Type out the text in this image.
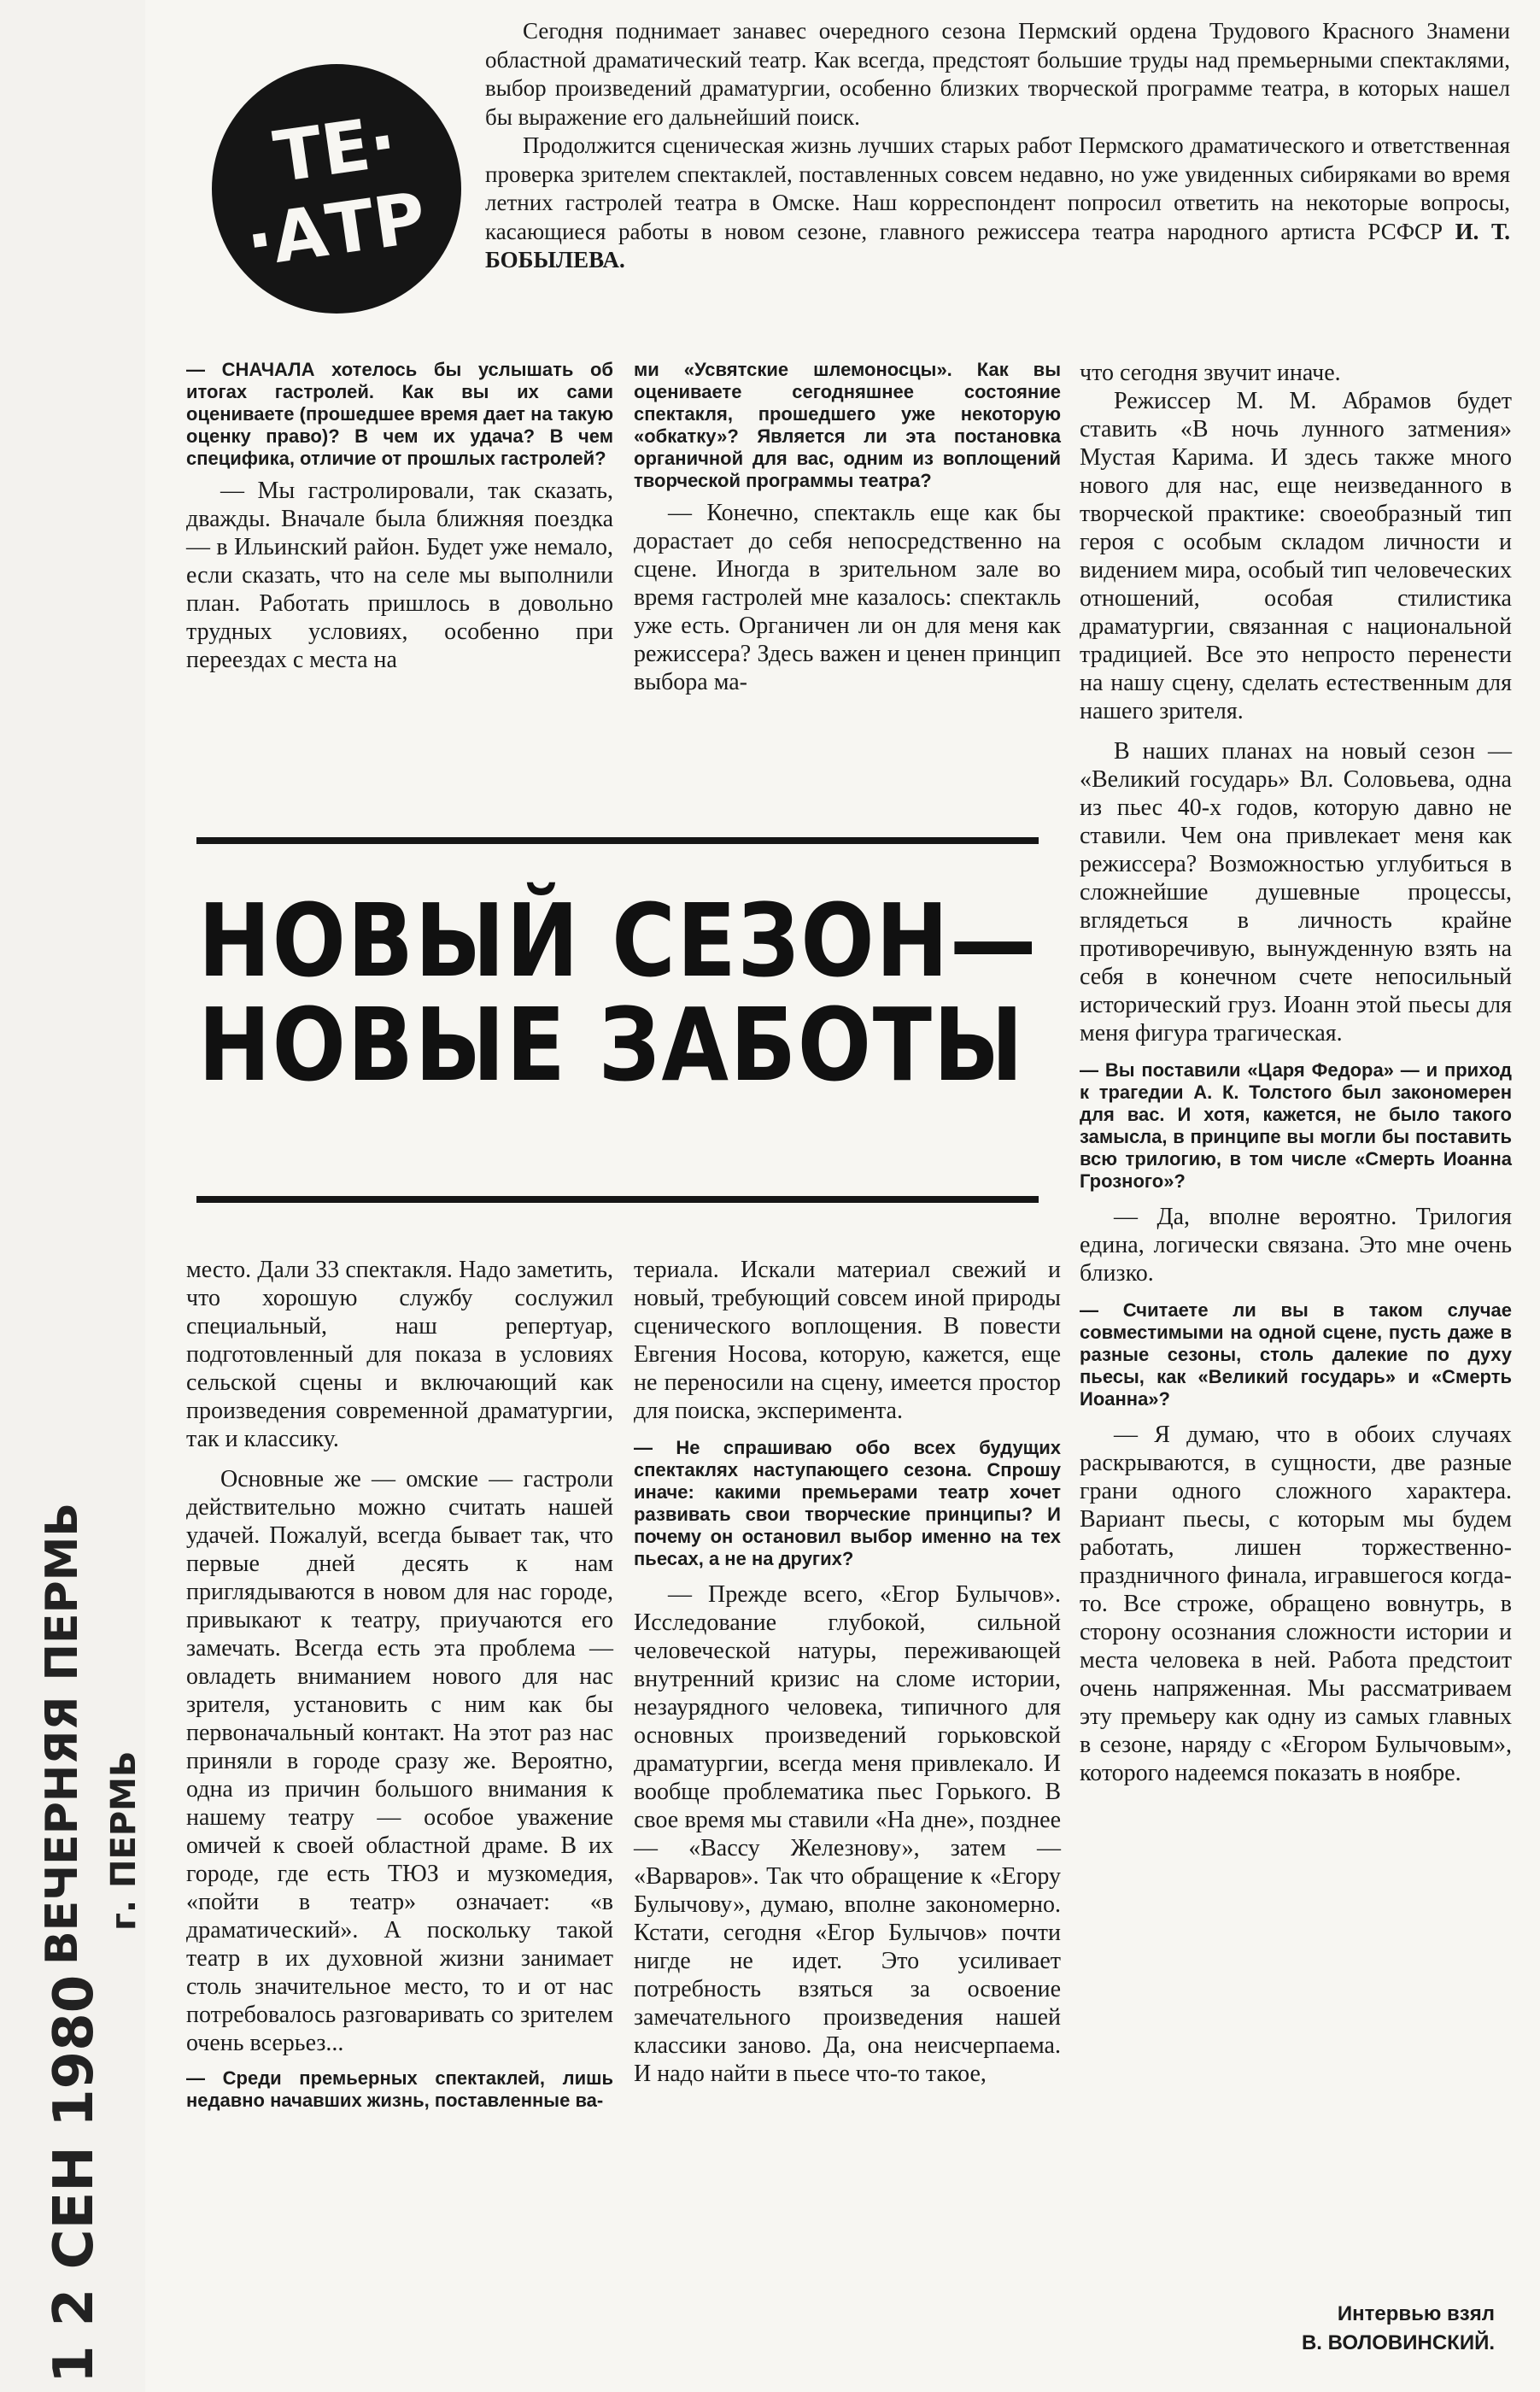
ТЕ·
·АТР

Сегодня поднимает занавес очередного сезона Пермский ордена Трудового Красного Знамени областной драматический театр. Как всегда, предстоят большие труды над премьерными спектаклями, выбор произведений драматургии, особенно близких творческой программе театра, в которых нашел бы выражение его дальнейший поиск.

Продолжится сценическая жизнь лучших старых работ Пермского драматического и ответственная проверка зрителем спектаклей, поставленных совсем недавно, но уже увиденных сибиряками во время летних гастролей театра в Омске. Наш корреспондент попросил ответить на некоторые вопросы, касающиеся работы в новом сезоне, главного режиссера театра народного артиста РСФСР И. Т. БОБЫЛЕВА.

— СНАЧАЛА хотелось бы услышать об итогах гастролей. Как вы их сами оцениваете (прошедшее время дает на такую оценку право)? В чем их удача? В чем специфика, отличие от прошлых гастролей?

— Мы гастролировали, так сказать, дважды. Вначале была ближняя поездка — в Ильинский район. Будет уже немало, если сказать, что на селе мы выполнили план. Работать пришлось в довольно трудных условиях, особенно при переездах с места на

ми «Усвятские шлемоносцы». Как вы оцениваете сегодняшнее состояние спектакля, прошедшего уже некоторую «обкатку»? Является ли эта постановка органичной для вас, одним из воплощений творческой программы театра?

— Конечно, спектакль еще как бы дорастает до себя непосредственно на сцене. Иногда в зрительном зале во время гастролей мне казалось: спектакль уже есть. Органичен ли он для меня как режиссера? Здесь важен и ценен принцип выбора ма-

НОВЫЙ СЕЗОН—
НОВЫЕ ЗАБОТЫ

что сегодня звучит иначе.

Режиссер М. М. Абрамов будет ставить «В ночь лунного затмения» Мустая Карима. И здесь также много нового для нас, еще неизведанного в творческой практике: своеобразный тип героя с особым складом личности и видением мира, особый тип человеческих отношений, особая стилистика драматургии, связанная с национальной традицией. Все это непросто перенести на нашу сцену, сделать естественным для нашего зрителя.

В наших планах на новый сезон — «Великий государь» Вл. Соловьева, одна из пьес 40-х годов, которую давно не ставили. Чем она привлекает меня как режиссера? Возможностью углубиться в сложнейшие душевные процессы, вглядеться в личность крайне противоречивую, вынужденную взять на себя в конечном счете непосильный исторический груз. Иоанн этой пьесы для меня фигура трагическая.

— Вы поставили «Царя Федора» — и приход к трагедии А. К. Толстого был закономерен для вас. И хотя, кажется, не было такого замысла, в принципе вы могли бы поставить всю трилогию, в том числе «Смерть Иоанна Грозного»?

— Да, вполне вероятно. Трилогия едина, логически связана. Это мне очень близко.

— Считаете ли вы в таком случае совместимыми на одной сцене, пусть даже в разные сезоны, столь далекие по духу пьесы, как «Великий государь» и «Смерть Иоанна»?

— Я думаю, что в обоих случаях раскрываются, в сущности, две разные грани одного сложного характера. Вариант пьесы, с которым мы будем работать, лишен торжественно-праздничного финала, игравшегося когда-то. Все строже, обращено вовнутрь, в сторону осознания сложности истории и места человека в ней. Работа предстоит очень напряженная. Мы рассматриваем эту премьеру как одну из самых главных в сезоне, наряду с «Егором Булычовым», которого надеемся показать в ноябре.

место. Дали 33 спектакля. Надо заметить, что хорошую службу сослужил специальный, наш репертуар, подготовленный для показа в условиях сельской сцены и включающий как произведения современной драматургии, так и классику.

Основные же — омские — гастроли действительно можно считать нашей удачей. Пожалуй, всегда бывает так, что первые дней десять к нам приглядываются в новом для нас городе, привыкают к театру, приучаются его замечать. Всегда есть эта проблема — овладеть вниманием нового для нас зрителя, установить с ним как бы первоначальный контакт. На этот раз нас приняли в городе сразу же. Вероятно, одна из причин большого внимания к нашему театру — особое уважение омичей к своей областной драме. В их городе, где есть ТЮЗ и музкомедия, «пойти в театр» означает: «в драматический». А поскольку такой театр в их духовной жизни занимает столь значительное место, то и от нас потребовалось разговаривать со зрителем очень всерьез...

— Среди премьерных спектаклей, лишь недавно начавших жизнь, поставленные ва-

териала. Искали материал свежий и новый, требующий совсем иной природы сценического воплощения. В повести Евгения Носова, которую, кажется, еще не переносили на сцену, имеется простор для поиска, эксперимента.

— Не спрашиваю обо всех будущих спектаклях наступающего сезона. Спрошу иначе: какими премьерами театр хочет развивать свои творческие принципы? И почему он остановил выбор именно на тех пьесах, а не на других?

— Прежде всего, «Егор Булычов». Исследование глубокой, сильной человеческой натуры, переживающей внутренний кризис на сломе истории, незаурядного человека, типичного для основных произведений горьковской драматургии, всегда меня привлекало. И вообще проблематика пьес Горького. В свое время мы ставили «На дне», позднее — «Вассу Железнову», затем — «Варваров». Так что обращение к «Егору Булычову», думаю, вполне закономерно. Кстати, сегодня «Егор Булычов» почти нигде не идет. Это усиливает потребность взяться за освоение замечательного произведения нашей классики заново. Да, она неисчерпаема. И надо найти в пьесе что-то такое,

Интервью взял
В. ВОЛОВИНСКИЙ.
ВЕЧЕРНЯЯ ПЕРМЬ г. ПЕРМЬ
1 2 СЕН 1980
